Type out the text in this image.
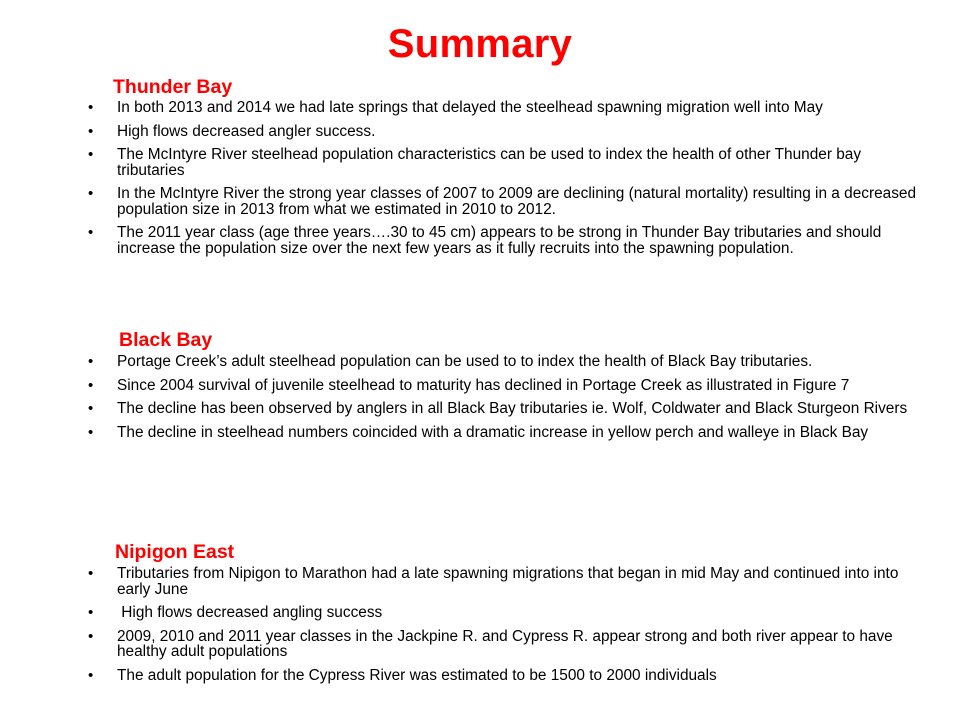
Summary
Thunder Bay
• In both 2013 and 2014 we had late springs that delayed the steelhead spawning migration well into May
• High flows decreased angler success.
• The McIntyre River steelhead population characteristics can be used to index the health of other Thunder bay tributaries
• In the McIntyre River the strong year classes of 2007 to 2009 are declining (natural mortality) resulting in a decreased population size in 2013 from what we estimated in 2010 to 2012.
• The 2011 year class (age three years….30 to 45 cm) appears to be strong in Thunder Bay tributaries and should increase the population size over the next few years as it fully recruits into the spawning population.
Black Bay
• Portage Creek’s adult steelhead population can be used to to index the health of Black Bay tributaries.
• Since 2004 survival of juvenile steelhead to maturity has declined in Portage Creek as illustrated in Figure 7
• The decline has been observed by anglers in all Black Bay tributaries ie. Wolf, Coldwater and Black Sturgeon Rivers
• The decline in steelhead numbers coincided with a dramatic increase in yellow perch and walleye in Black Bay
Nipigon East
• Tributaries from Nipigon to Marathon had a late spawning migrations that began in mid May and continued into into early June
• High flows decreased angling success
• 2009, 2010 and 2011 year classes in the Jackpine R. and Cypress R. appear strong and both river appear to have healthy adult populations
• The adult population for the Cypress River was estimated to be 1500 to 2000 individuals
